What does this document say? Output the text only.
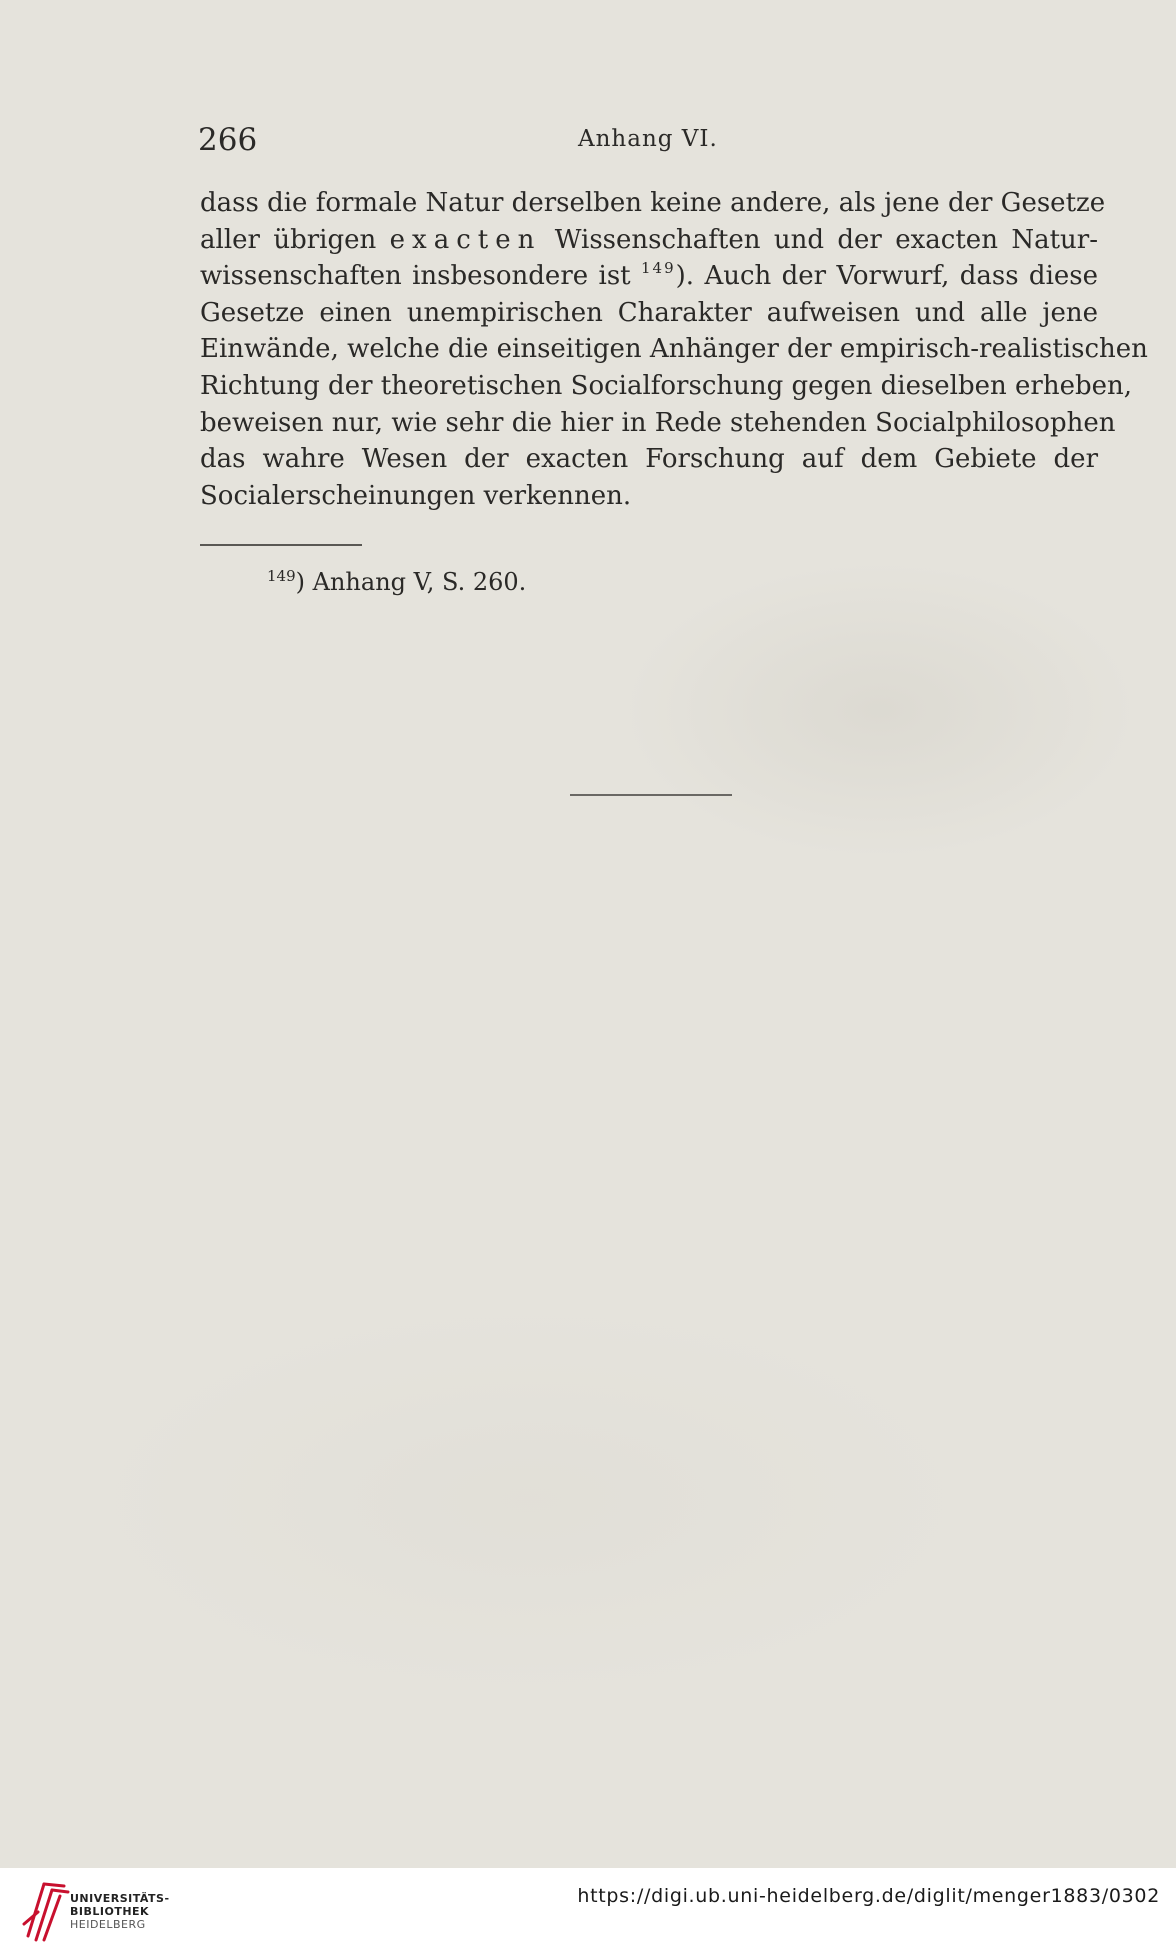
266	Anhang VI.
dass die formale Natur derselben keine andere, als jene der Gesetze
aller übrigen exacten Wissenschaften und der exacten Natur-
wissenschaften insbesondere ist $^{149}$). Auch der Vorwurf, dass diese
Gesetze einen unempirischen Charakter aufweisen und alle jene
Einwände, welche die einseitigen Anhänger der empirisch-realistischen
Richtung der theoretischen Socialforschung gegen dieselben erheben,
beweisen nur, wie sehr die hier in Rede stehenden Socialphilosophen
das wahre Wesen der exacten Forschung auf dem Gebiete der
Socialerscheinungen verkennen.
$^{149}$) Anhang V, S. 260.
UNIVERSITÄTS-
BIBLIOTHEK
HEIDELBERG
https://digi.ub.uni-heidelberg.de/diglit/menger1883/0302
